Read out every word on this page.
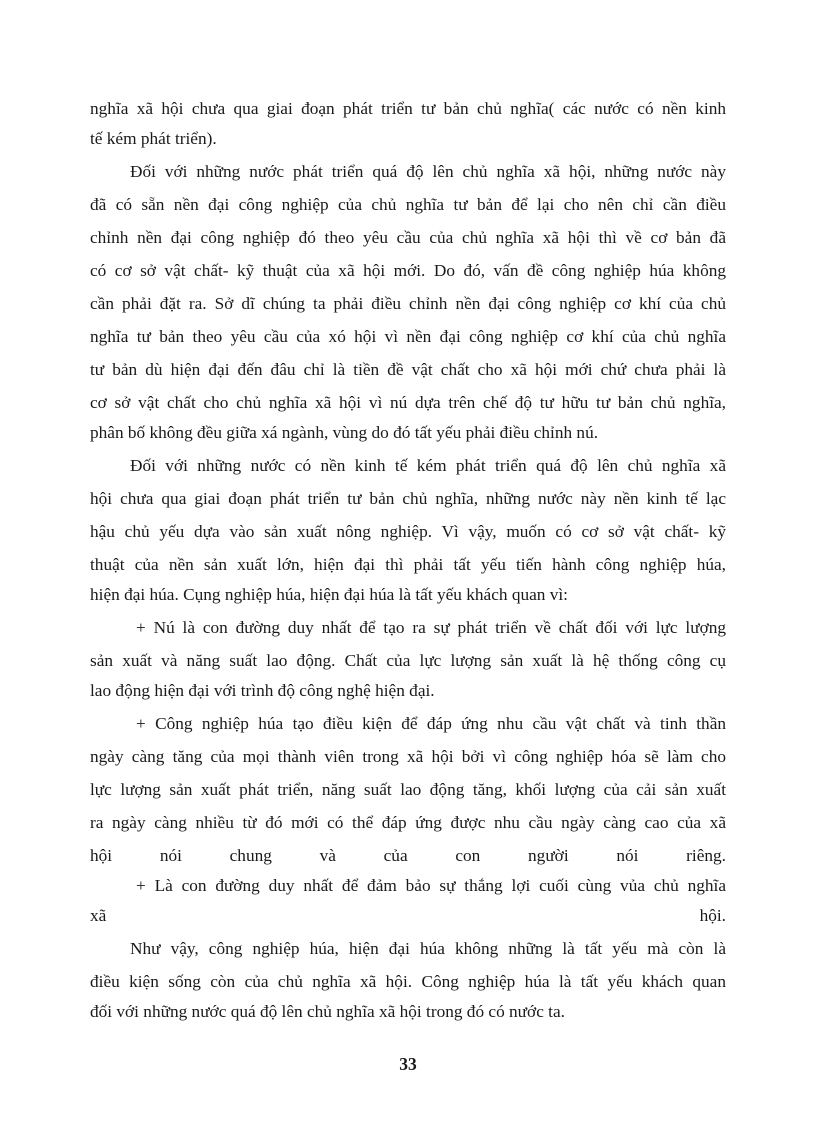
nghĩa xã hội chưa qua giai đoạn phát triển tư bản chủ nghĩa( các nước có nền kinh
tế kém phát triển).
Đối với những nước phát triển quá độ lên chủ nghĩa xã hội, những nước này
đã có sẵn nền đại công nghiệp của chủ nghĩa tư bản để lại cho nên chỉ cần điều
chỉnh nền đại công nghiệp đó theo yêu cầu của chủ nghĩa xã hội thì về cơ bản đã
có cơ sở vật chất- kỹ thuật của xã hội mới. Do đó, vấn đề công nghiệp húa không
cần phải đặt ra. Sở dĩ chúng ta phải điều chỉnh nền đại công nghiệp cơ khí của chủ
nghĩa tư bản theo yêu cầu của xó hội vì nền đại công nghiệp cơ khí của chủ nghĩa
tư bản dù hiện đại đến đâu chỉ là tiền đề vật chất cho xã hội mới chứ chưa phải là
cơ sở vật chất cho chủ nghĩa xã hội vì nú dựa trên chế độ tư hữu tư bản chủ nghĩa,
phân bố không đều giữa xá ngành, vùng do đó tất yếu phải điều chỉnh nú.
Đối với những nước có nền kinh tế kém phát triển quá độ lên chủ nghĩa xã
hội chưa qua giai đoạn phát triển tư bản chủ nghĩa, những nước này nền kinh tế lạc
hậu chủ yếu dựa vào sản xuất nông nghiệp. Vì vậy, muốn có cơ sở vật chất- kỹ
thuật của nền sản xuất lớn, hiện đại thì phải tất yếu tiến hành công nghiệp húa,
hiện đại húa. Cụng nghiệp húa, hiện đại húa là tất yếu khách quan vì:
+ Nú là con đường duy nhất để tạo ra sự phát triển về chất đối với lực lượng
sản xuất và năng suất lao động. Chất của lực lượng sản xuất là hệ thống công cụ
lao động hiện đại với trình độ công nghệ hiện đại.
+ Công nghiệp húa tạo điều kiện để đáp ứng nhu cầu vật chất và tinh thần
ngày càng tăng của mọi thành viên trong xã hội bởi vì công nghiệp hóa sẽ làm cho
lực lượng sản xuất phát triển, năng suất lao động tăng, khối lượng của cải sản xuất
ra ngày càng nhiều từ đó mới có thể đáp ứng được nhu cầu ngày càng cao của xã
hội nói chung và của con người nói riêng.
+ Là con đường duy nhất để đảm bảo sự thắng lợi cuối cùng vủa chủ nghĩa
xã hội.
Như vậy, công nghiệp húa, hiện đại húa không những là tất yếu mà còn là
điều kiện sống còn của chủ nghĩa xã hội. Công nghiệp húa là tất yếu khách quan
đối với những nước quá độ lên chủ nghĩa xã hội trong đó có nước ta.
33
